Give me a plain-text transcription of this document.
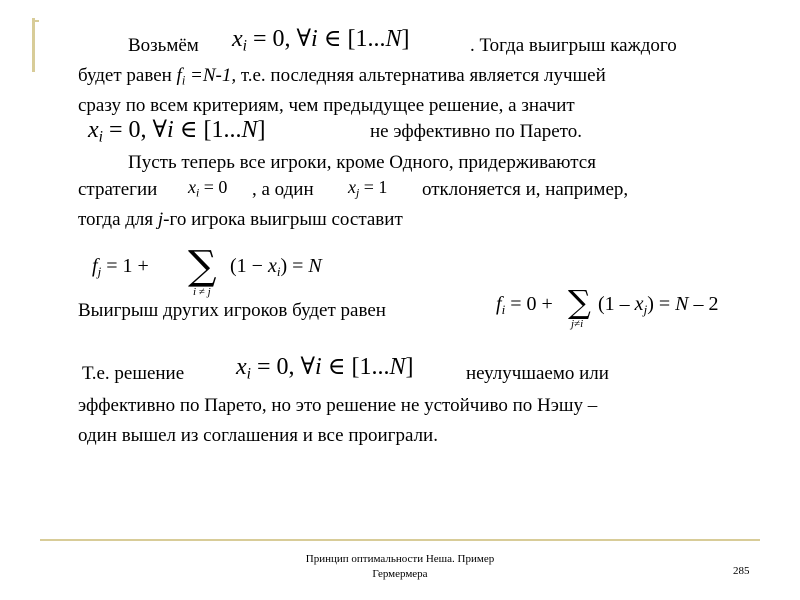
Возьмём $x_i = 0$, ∀i ∈ [1...N]	. Тогда выигрыш каждого
будет равен $f_i =N-1$, т.е. последняя альтернатива является лучшей
сразу по всем критериям, чем предыдущее решение, а значит
$x_i = 0$, ∀i ∈ [1...N]	не эффективно по Парето.
Пусть теперь все игроки, кроме Одного, придерживаются
стратегии $x_i = 0$ , а один $x_j = 1$ отклоняется и, например,
тогда для j-го игрока выигрыш составит
$f_j = 1$ + ∑
i ≠ j
$(1 - x_i) = N$
Выигрыш других игроков будет равен	$f_i = 0$ + ∑
j≠i
$(1 - x_j) = N - 2$
Т.е. решение $x_i = 0$, ∀i ∈ [1...N]	неулучшаемо или
эффективно по Парето, но это решение не устойчиво по Нэшу –
один вышел из соглашения и все проиграли.
Принцип оптимальности Неша. Пример
Гермермера	285
